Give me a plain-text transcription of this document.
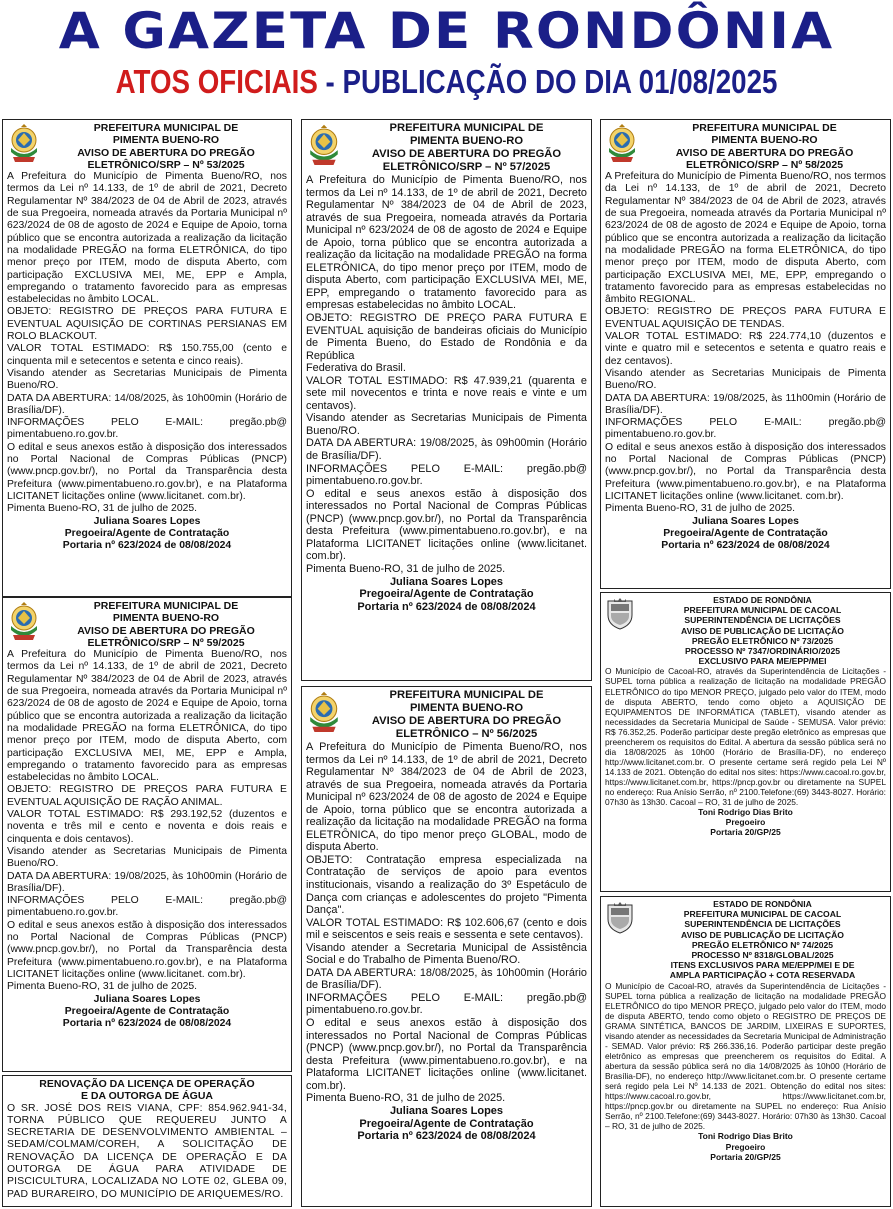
A GAZETA DE RONDÔNIA
ATOS OFICIAIS - PUBLICAÇÃO DO DIA 01/08/2025
PREFEITURA MUNICIPAL DE
PIMENTA BUENO-RO
AVISO DE ABERTURA DO PREGÃO
ELETRÔNICO/SRP – Nº 53/2025

A Prefeitura do Município de Pimenta Bueno/RO, nos termos da Lei nº 14.133, de 1º de abril de 2021, Decreto Regulamentar Nº 384/2023 de 04 de Abril de 2023, através de sua Pregoeira, nomeada através da Portaria Municipal nº 623/2024 de 08 de agosto de 2024 e Equipe de Apoio, torna público que se encontra autorizada a realização da licitação na modalidade PREGÃO na forma ELETRÔNICA, do tipo menor preço por ITEM, modo de disputa Aberto, com participação EXCLUSIVA MEI, ME, EPP e Ampla, empregando o tratamento favorecido para as empresas estabelecidas no âmbito LOCAL.

OBJETO: REGISTRO DE PREÇOS PARA FUTURA E EVENTUAL AQUISIÇÃO DE CORTINAS PERSIANAS EM ROLO BLACKOUT.

VALOR TOTAL ESTIMADO: R$ 150.755,00 (cento e cinquenta mil e setecentos e setenta e cinco reais).

Visando atender as Secretarias Municipais de Pimenta Bueno/RO.

DATA DA ABERTURA: 14/08/2025, às 10h00min (Horário de Brasília/DF).

INFORMAÇÕES PELO E-MAIL: pregão.pb@ pimentabueno.ro.gov.br.

O edital e seus anexos estão à disposição dos interessados no Portal Nacional de Compras Públicas (PNCP) (www.pncp.gov.br/), no Portal da Transparência desta Prefeitura (www.pimentabueno.ro.gov.br), e na Plataforma LICITANET licitações online (www.licitanet. com.br).

Pimenta Bueno-RO, 31 de julho de 2025.

Juliana Soares Lopes
Pregoeira/Agente de Contratação
Portaria nº 623/2024 de 08/08/2024
PREFEITURA MUNICIPAL DE
PIMENTA BUENO-RO
AVISO DE ABERTURA DO PREGÃO
ELETRÔNICO/SRP – Nº 59/2025

A Prefeitura do Município de Pimenta Bueno/RO, nos termos da Lei nº 14.133, de 1º de abril de 2021, Decreto Regulamentar Nº 384/2023 de 04 de Abril de 2023, através de sua Pregoeira, nomeada através da Portaria Municipal nº 623/2024 de 08 de agosto de 2024 e Equipe de Apoio, torna público que se encontra autorizada a realização da licitação na modalidade PREGÃO na forma ELETRÔNICA, do tipo menor preço por ITEM, modo de disputa Aberto, com participação EXCLUSIVA MEI, ME, EPP e Ampla, empregando o tratamento favorecido para as empresas estabelecidas no âmbito LOCAL.

OBJETO: REGISTRO DE PREÇOS PARA FUTURA E EVENTUAL AQUISIÇÃO DE RAÇÃO ANIMAL.

VALOR TOTAL ESTIMADO: R$ 293.192,52 (duzentos e noventa e três mil e cento e noventa e dois reais e cinquenta e dois centavos).

Visando atender as Secretarias Municipais de Pimenta Bueno/RO.

DATA DA ABERTURA: 19/08/2025, às 10h00min (Horário de Brasília/DF).

INFORMAÇÕES PELO E-MAIL: pregão.pb@ pimentabueno.ro.gov.br.

O edital e seus anexos estão à disposição dos interessados no Portal Nacional de Compras Públicas (PNCP) (www.pncp.gov.br/), no Portal da Transparência desta Prefeitura (www.pimentabueno.ro.gov.br), e na Plataforma LICITANET licitações online (www.licitanet. com.br).

Pimenta Bueno-RO, 31 de julho de 2025.

Juliana Soares Lopes
Pregoeira/Agente de Contratação
Portaria nº 623/2024 de 08/08/2024
RENOVAÇÃO DA LICENÇA DE OPERAÇÃO
E DA OUTORGA DE ÁGUA

O SR. JOSÉ DOS REIS VIANA, CPF: 854.962.941-34, TORNA PÚBLICO QUE REQUEREU JUNTO A SECRETARIA DE DESENVOLVIMENTO AMBIENTAL – SEDAM/COLMAM/COREH, A SOLICITAÇÃO DE RENOVAÇÃO DA LICENÇA DE OPERAÇÃO E DA OUTORGA DE ÁGUA PARA ATIVIDADE DE PISCICULTURA, LOCALIZADA NO LOTE 02, GLEBA 09, PAD BURAREIRO, DO MUNICÍPIO DE ARIQUEMES/RO.

PREFEITURA MUNICIPAL DE
PIMENTA BUENO-RO
AVISO DE ABERTURA DO PREGÃO
ELETRÔNICO/SRP – Nº 57/2025

A Prefeitura do Município de Pimenta Bueno/RO, nos termos da Lei nº 14.133, de 1º de abril de 2021, Decreto Regulamentar Nº 384/2023 de 04 de Abril de 2023, através de sua Pregoeira, nomeada através da Portaria Municipal nº 623/2024 de 08 de agosto de 2024 e Equipe de Apoio, torna público que se encontra autorizada a realização da licitação na modalidade PREGÃO na forma ELETRÔNICA, do tipo menor preço por ITEM, modo de disputa Aberto, com participação EXCLUSIVA MEI, ME, EPP, empregando o tratamento favorecido para as empresas estabelecidas no âmbito LOCAL.

OBJETO: REGISTRO DE PREÇO PARA FUTURA E EVENTUAL aquisição de bandeiras oficiais do Município de Pimenta Bueno, do Estado de Rondônia e da República

Federativa do Brasil.

VALOR TOTAL ESTIMADO: R$ 47.939,21 (quarenta e sete mil novecentos e trinta e nove reais e vinte e um centavos).

Visando atender as Secretarias Municipais de Pimenta Bueno/RO.

DATA DA ABERTURA: 19/08/2025, às 09h00min (Horário de Brasília/DF).

INFORMAÇÕES PELO E-MAIL: pregão.pb@ pimentabueno.ro.gov.br.

O edital e seus anexos estão à disposição dos interessados no Portal Nacional de Compras Públicas (PNCP) (www.pncp.gov.br/), no Portal da Transparência desta Prefeitura (www.pimentabueno.ro.gov.br), e na Plataforma LICITANET licitações online (www.licitanet. com.br).

Pimenta Bueno-RO, 31 de julho de 2025.

Juliana Soares Lopes
Pregoeira/Agente de Contratação
Portaria nº 623/2024 de 08/08/2024
PREFEITURA MUNICIPAL DE
PIMENTA BUENO-RO
AVISO DE ABERTURA DO PREGÃO
ELETRÔNICO – Nº 56/2025

A Prefeitura do Município de Pimenta Bueno/RO, nos termos da Lei nº 14.133, de 1º de abril de 2021, Decreto Regulamentar Nº 384/2023 de 04 de Abril de 2023, através de sua Pregoeira, nomeada através da Portaria Municipal nº 623/2024 de 08 de agosto de 2024 e Equipe de Apoio, torna público que se encontra autorizada a realização da licitação na modalidade PREGÃO na forma ELETRÔNICA, do tipo menor preço GLOBAL, modo de disputa Aberto.

OBJETO: Contratação empresa especializada na Contratação de serviços de apoio para eventos institucionais, visando a realização do 3º Espetáculo de Dança com crianças e adolescentes do projeto "Pimenta Dança".

VALOR TOTAL ESTIMADO: R$ 102.606,67 (cento e dois mil e seiscentos e seis reais e sessenta e sete centavos).

Visando atender a Secretaria Municipal de Assistência Social e do Trabalho de Pimenta Bueno/RO.

DATA DA ABERTURA: 18/08/2025, às 10h00min (Horário de Brasília/DF).

INFORMAÇÕES PELO E-MAIL: pregão.pb@ pimentabueno.ro.gov.br.

O edital e seus anexos estão à disposição dos interessados no Portal Nacional de Compras Públicas (PNCP) (www.pncp.gov.br/), no Portal da Transparência desta Prefeitura (www.pimentabueno.ro.gov.br), e na Plataforma LICITANET licitações online (www.licitanet. com.br).

Pimenta Bueno-RO, 31 de julho de 2025.

Juliana Soares Lopes
Pregoeira/Agente de Contratação
Portaria nº 623/2024 de 08/08/2024
PREFEITURA MUNICIPAL DE
PIMENTA BUENO-RO
AVISO DE ABERTURA DO PREGÃO
ELETRÔNICO/SRP – Nº 58/2025

A Prefeitura do Município de Pimenta Bueno/RO, nos termos da Lei nº 14.133, de 1º de abril de 2021, Decreto Regulamentar Nº 384/2023 de 04 de Abril de 2023, através de sua Pregoeira, nomeada através da Portaria Municipal nº 623/2024 de 08 de agosto de 2024 e Equipe de Apoio, torna público que se encontra autorizada a realização da licitação na modalidade PREGÃO na forma ELETRÔNICA, do tipo menor preço por ITEM, modo de disputa Aberto, com participação EXCLUSIVA MEI, ME, EPP, empregando o tratamento favorecido para as empresas estabelecidas no âmbito REGIONAL.

OBJETO: REGISTRO DE PREÇOS PARA FUTURA E EVENTUAL AQUISIÇÃO DE TENDAS.

VALOR TOTAL ESTIMADO: R$ 224.774,10 (duzentos e vinte e quatro mil e setecentos e setenta e quatro reais e dez centavos).

Visando atender as Secretarias Municipais de Pimenta Bueno/RO.

DATA DA ABERTURA: 19/08/2025, às 11h00min (Horário de Brasília/DF).

INFORMAÇÕES PELO E-MAIL: pregão.pb@ pimentabueno.ro.gov.br.

O edital e seus anexos estão à disposição dos interessados no Portal Nacional de Compras Públicas (PNCP) (www.pncp.gov.br/), no Portal da Transparência desta Prefeitura (www.pimentabueno.ro.gov.br), e na Plataforma LICITANET licitações online (www.licitanet. com.br).

Pimenta Bueno-RO, 31 de julho de 2025.

Juliana Soares Lopes
Pregoeira/Agente de Contratação
Portaria nº 623/2024 de 08/08/2024
ESTADO DE RONDÔNIA
PREFEITURA MUNICIPAL DE CACOAL
SUPERINTENDÊNCIA DE LICITAÇÕES
AVISO DE PUBLICAÇÃO DE LICITAÇÃO
PREGÃO ELETRÔNICO Nº 73/2025
PROCESSO Nº 7347/ORDINÁRIO/2025
EXCLUSIVO PARA ME/EPP/MEI

O Município de Cacoal-RO, através da Superintendência de Licitações - SUPEL torna pública a realização de licitação na modalidade PREGÃO ELETRÔNICO do tipo MENOR PREÇO, julgado pelo valor do ITEM, modo de disputa ABERTO, tendo como objeto a AQUISIÇÃO DE EQUIPAMENTOS DE INFORMÁTICA (TABLET), visando atender as necessidades da Secretaria Municipal de Saúde - SEMUSA. Valor prévio: R$ 76.352,25. Poderão participar deste pregão eletrônico as empresas que preencherem os requisitos do Edital. A abertura da sessão pública será no dia 18/08/2025 às 10h00 (Horário de Brasília-DF), no endereço http://www.licitanet.com.br. O presente certame será regido pela Lei Nº 14.133 de 2021. Obtenção do edital nos sites: https://www.cacoal.ro.gov.br, https://www.licitanet.com.br, https://pncp.gov.br ou diretamente na SUPEL no endereço: Rua Anísio Serrão, nº 2100.Telefone:(69) 3443-8027. Horário: 07h30 às 13h30. Cacoal – RO, 31 de julho de 2025.

Toni Rodrigo Dias Brito
Pregoeiro
Portaria 20/GP/25
ESTADO DE RONDÔNIA
PREFEITURA MUNICIPAL DE CACOAL
SUPERINTENDÊNCIA DE LICITAÇÕES
AVISO DE PUBLICAÇÃO DE LICITAÇÃO
PREGÃO ELETRÔNICO Nº 74/2025
PROCESSO Nº 8318/GLOBAL/2025
ITENS EXCLUSIVOS PARA ME/EPP/MEI E DE
AMPLA PARTICIPAÇÃO + COTA RESERVADA

O Município de Cacoal-RO, através da Superintendência de Licitações - SUPEL torna pública a realização de licitação na modalidade PREGÃO ELETRÔNICO do tipo MENOR PREÇO, julgado pelo valor do ITEM, modo de disputa ABERTO, tendo como objeto o REGISTRO DE PREÇOS DE GRAMA SINTÉTICA, BANCOS DE JARDIM, LIXEIRAS E SUPORTES, visando atender as necessidades da Secretaria Municipal de Administração - SEMAD. Valor prévio: R$ 266.336,16. Poderão participar deste pregão eletrônico as empresas que preencherem os requisitos do Edital. A abertura da sessão pública será no dia 14/08/2025 às 10h00 (Horário de Brasília-DF), no endereço http://www.licitanet.com.br. O presente certame será regido pela Lei Nº 14.133 de 2021. Obtenção do edital nos sites: https://www.cacoal.ro.gov.br, https://www.licitanet.com.br, https://pncp.gov.br ou diretamente na SUPEL no endereço: Rua Anísio Serrão, nº 2100.Telefone:(69) 3443-8027. Horário: 07h30 às 13h30. Cacoal – RO, 31 de julho de 2025.

Toni Rodrigo Dias Brito
Pregoeiro
Portaria 20/GP/25
